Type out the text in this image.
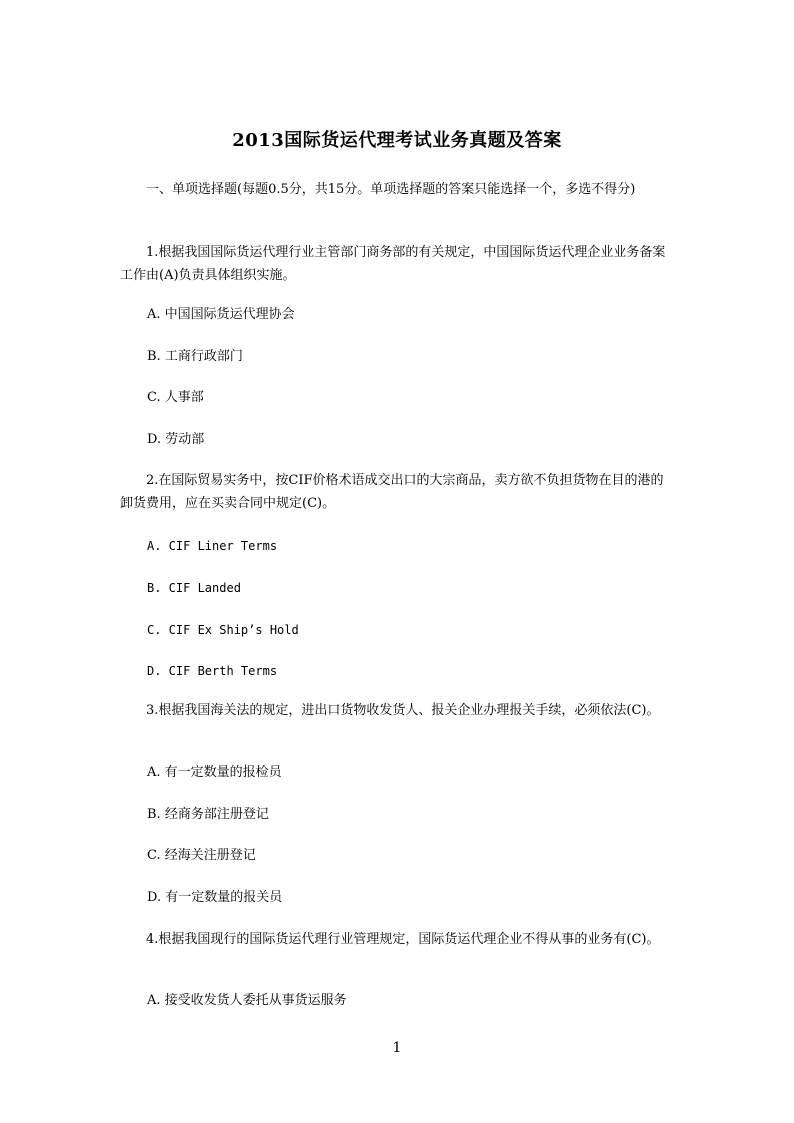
2013国际货运代理考试业务真题及答案

一、单项选择题(每题0.5分，共15分。单项选择题的答案只能选择一个，多选不得分)

1.根据我国国际货运代理行业主管部门商务部的有关规定，中国国际货运代理企业业务备案工作由(A)负责具体组织实施。

A. 中国国际货运代理协会

B. 工商行政部门

C. 人事部

D. 劳动部

2.在国际贸易实务中，按CIF价格术语成交出口的大宗商品，卖方欲不负担货物在目的港的卸货费用，应在买卖合同中规定(C)。

A. CIF Liner Terms

B. CIF Landed

C. CIF Ex Ship’s Hold

D. CIF Berth Terms

3.根据我国海关法的规定，进出口货物收发货人、报关企业办理报关手续，必须依法(C)。

A. 有一定数量的报检员

B. 经商务部注册登记

C. 经海关注册登记

D. 有一定数量的报关员

4.根据我国现行的国际货运代理行业管理规定，国际货运代理企业不得从事的业务有(C)。

A. 接受收发货人委托从事货运服务

1
